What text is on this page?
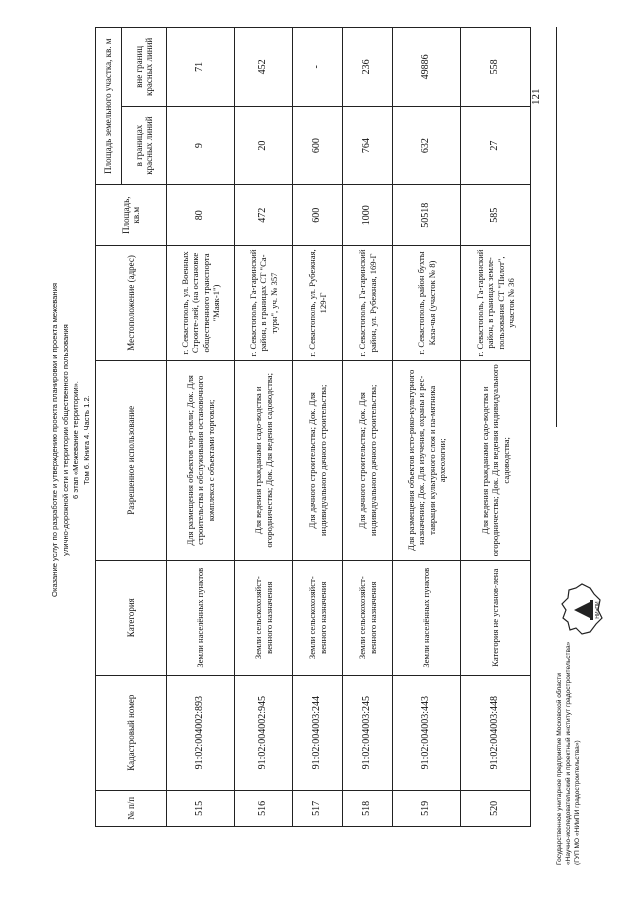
Оказание услуг по разработке и утверждению проекта планировки и проекта межевания улично-дорожной сети и территории общественного пользования 6 этап «Межевание территории». Том 6. Книга 4. Часть 1.2.
№ п/п	Кадастровый номер	Категория	Разрешенное использование	Местоположение (адрес)	Площадь, кв.м	Площадь земельного участка, кв. м	
						в границах красных линий	вне границ красных линий
515	91:02:004002:893	Земли населённых пунктов	Для размещения объектов тор-говли; Док. Для строительства и обслуживания остановочного комплекса с объектами торговли;	г. Севастополь, ул. Военных Строите-лей, (на остановке общественного транспорта "Маяк-1")	80	9	71
516	91:02:004002:945	Земли сельскохозяйст-венного назначения	Для ведения гражданами садо-водства и огородничества; Док. Для ведения садоводства;	г. Севастополь, Га-гаринский район, в границах СТ "Са-турн", уч. № 357	472	20	452
517	91:02:004003:244	Земли сельскохозяйст-венного назначения	Для дачного строительства; Док. Для индивидуального дачного строительства;	г. Севастополь, ул. Рубежная, 129-Г	600	600	-
518	91:02:004003:245	Земли сельскохозяйст-венного назначения	Для дачного строительства; Док. Для индивидуального дачного строительства;	г. Севастополь, Га-гаринский район, ул. Рубежная, 169-Г	1000	764	236
519	91:02:004003:443	Земли населённых пунктов	Для размещения объектов исто-рико-культурного назначения; Док. Для изучения, охраны и рес-таврации культурного слоя и па-мятника археологии;	г. Севастополь, район бухты Каза-чья (участок № 8)	50518	632	49886
520	91:02:004003:448	Категория не установ-лена	Для ведения гражданами садо-водства и огородничества; Док. Для ведения индивидуального садоводства;	г. Севастополь, Га-гаринский район, в границах земле-пользования СТ "Пилот", участок № 36	585	27	558
121
Государственное унитарное предприятие Московской области «Научно-исследовательский и проектный институт градостроительства» (ГУП МО «НИиПИ градостроительства»)
НИиПИ
